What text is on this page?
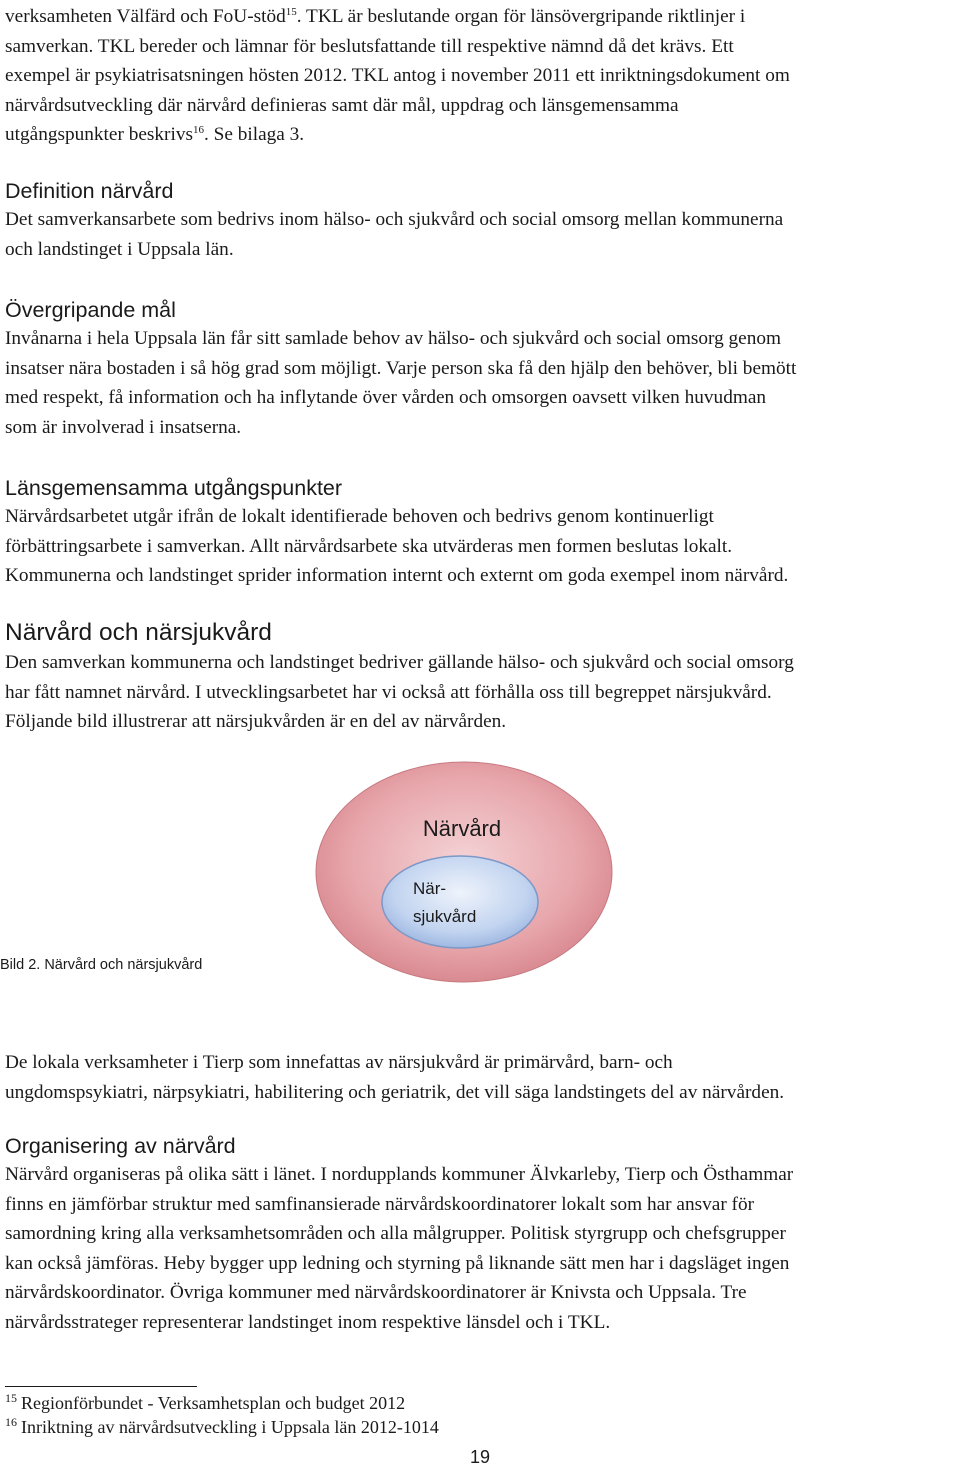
verksamheten Välfärd och FoU-stöd$^{15}$. TKL är beslutande organ för länsövergripande riktlinjer i

samverkan. TKL bereder och lämnar för beslutsfattande till respektive nämnd då det krävs. Ett

exempel är psykiatrisatsningen hösten 2012. TKL antog i november 2011 ett inriktningsdokument om

närvårdsutveckling där närvård definieras samt där mål, uppdrag och länsgemensamma

utgångspunkter beskrivs$^{16}$. Se bilaga 3.

Definition närvård

Det samverkansarbete som bedrivs inom hälso- och sjukvård och social omsorg mellan kommunerna

och landstinget i Uppsala län.

Övergripande mål

Invånarna i hela Uppsala län får sitt samlade behov av hälso- och sjukvård och social omsorg genom

insatser nära bostaden i så hög grad som möjligt. Varje person ska få den hjälp den behöver, bli bemött

med respekt, få information och ha inflytande över vården och omsorgen oavsett vilken huvudman

som är involverad i insatserna.

Länsgemensamma utgångspunkter

Närvårdsarbetet utgår ifrån de lokalt identifierade behoven och bedrivs genom kontinuerligt

förbättringsarbete i samverkan. Allt närvårdsarbete ska utvärderas men formen beslutas lokalt.

Kommunerna och landstinget sprider information internt och externt om goda exempel inom närvård.

Närvård och närsjukvård

Den samverkan kommunerna och landstinget bedriver gällande hälso- och sjukvård och social omsorg

har fått namnet närvård. I utvecklingsarbetet har vi också att förhålla oss till begreppet närsjukvård.

Följande bild illustrerar att närsjukvården är en del av närvården.

Närvård
När-
sjukvård
Bild 2. Närvård och närsjukvård

De lokala verksamheter i Tierp som innefattas av närsjukvård är primärvård, barn- och

ungdomspsykiatri, närpsykiatri, habilitering och geriatrik, det vill säga landstingets del av närvården.

Organisering av närvård

Närvård organiseras på olika sätt i länet. I nordupplands kommuner Älvkarleby, Tierp och Östhammar

finns en jämförbar struktur med samfinansierade närvårdskoordinatorer lokalt som har ansvar för

samordning kring alla verksamhetsområden och alla målgrupper. Politisk styrgrupp och chefsgrupper

kan också jämföras. Heby bygger upp ledning och styrning på liknande sätt men har i dagsläget ingen

närvårdskoordinator. Övriga kommuner med närvårdskoordinatorer är Knivsta och Uppsala. Tre

närvårdsstrateger representerar landstinget inom respektive länsdel och i TKL.

$^{15}$ Regionförbundet - Verksamhetsplan och budget 2012
$^{16}$ Inriktning av närvårdsutveckling i Uppsala län 2012-1014
19
